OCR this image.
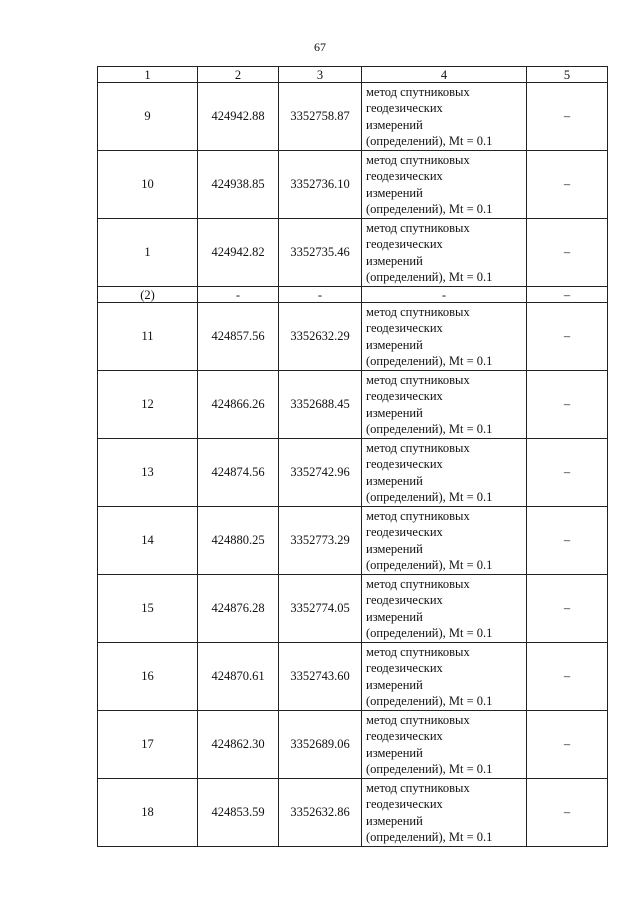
67
1	2	3	4	5
9	424942.88	3352758.87	метод спутниковых
геодезических
измерений
(определений), Mt = 0.1	–
10	424938.85	3352736.10	метод спутниковых
геодезических
измерений
(определений), Mt = 0.1	–
1	424942.82	3352735.46	метод спутниковых
геодезических
измерений
(определений), Mt = 0.1	–
(2)	-	-	-	–
11	424857.56	3352632.29	метод спутниковых
геодезических
измерений
(определений), Mt = 0.1	–
12	424866.26	3352688.45	метод спутниковых
геодезических
измерений
(определений), Mt = 0.1	–
13	424874.56	3352742.96	метод спутниковых
геодезических
измерений
(определений), Mt = 0.1	–
14	424880.25	3352773.29	метод спутниковых
геодезических
измерений
(определений), Mt = 0.1	–
15	424876.28	3352774.05	метод спутниковых
геодезических
измерений
(определений), Mt = 0.1	–
16	424870.61	3352743.60	метод спутниковых
геодезических
измерений
(определений), Mt = 0.1	–
17	424862.30	3352689.06	метод спутниковых
геодезических
измерений
(определений), Mt = 0.1	–
18	424853.59	3352632.86	метод спутниковых
геодезических
измерений
(определений), Mt = 0.1	–
